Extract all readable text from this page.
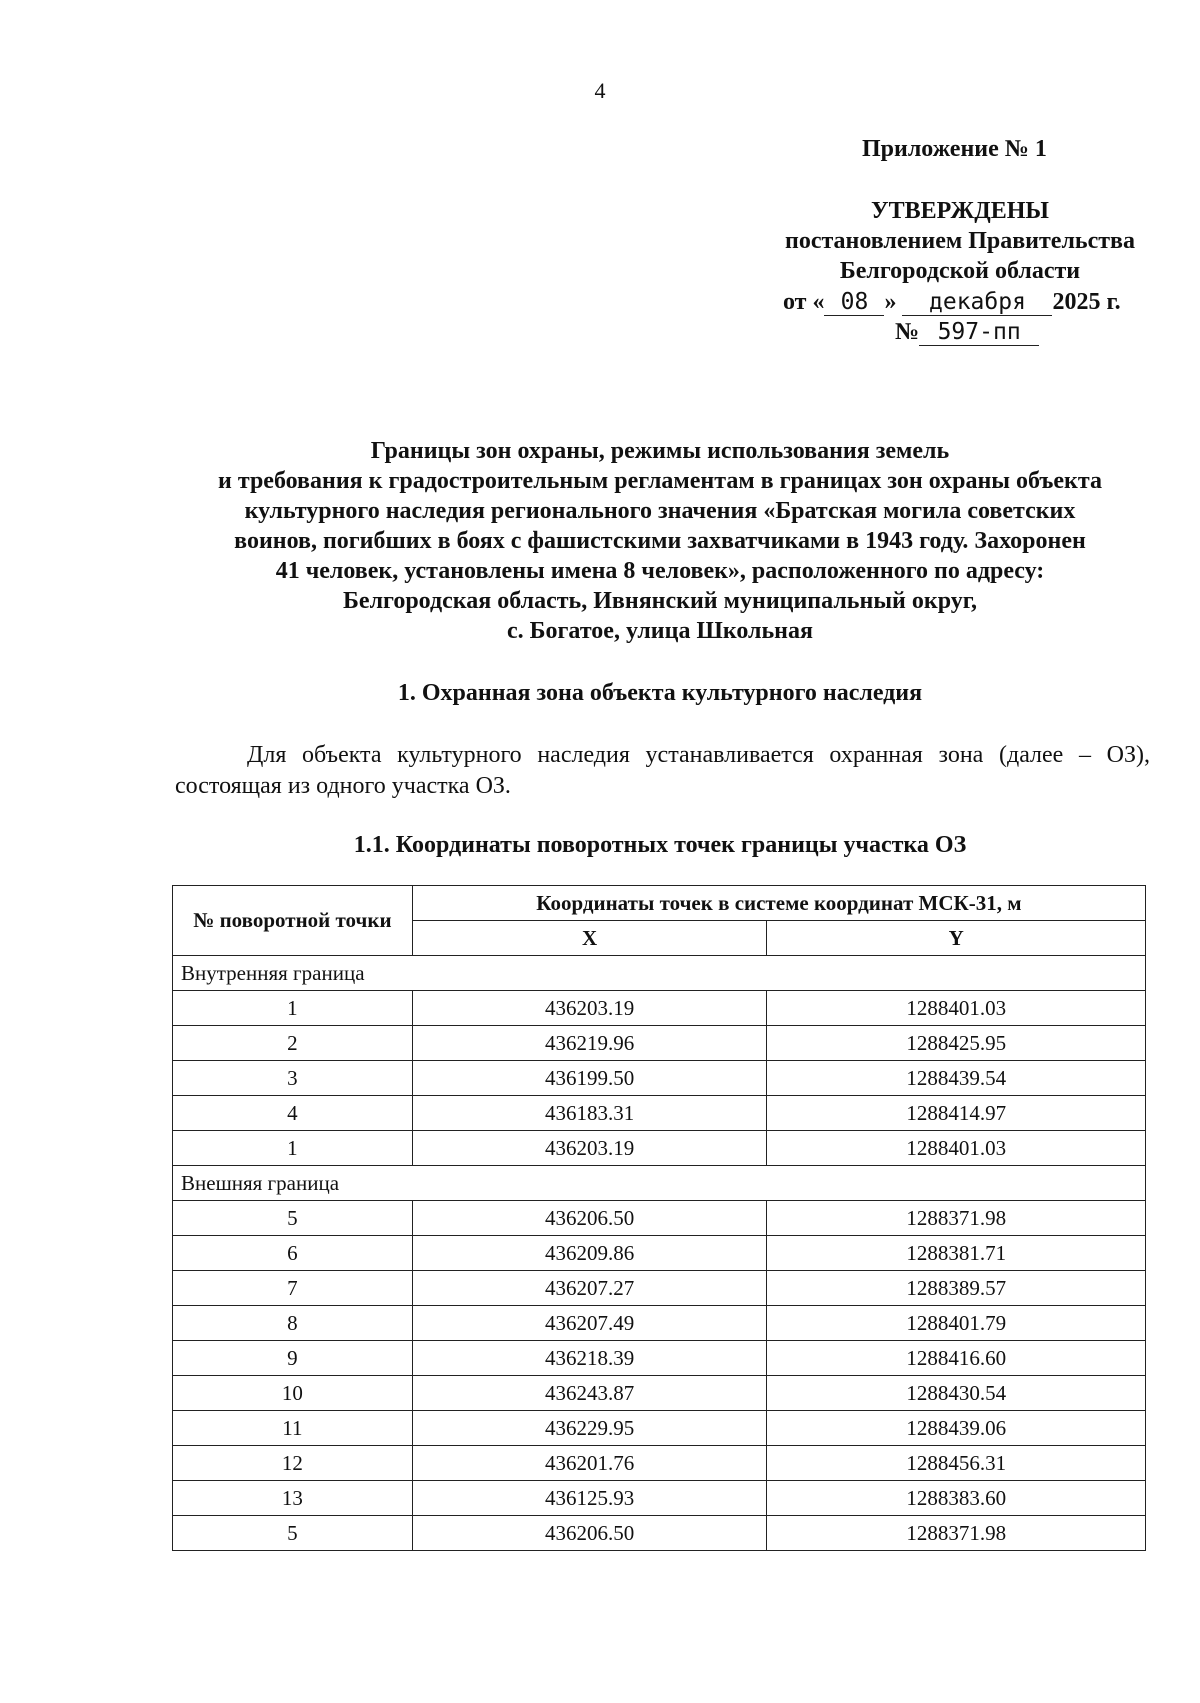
4
Приложение № 1
УТВЕРЖДЕНЫ
постановлением Правительства
Белгородской области
от « 08 » декабря 2025 г.
№ 597-пп
Границы зон охраны, режимы использования земель
и требования к градостроительным регламентам в границах зон охраны объекта
культурного наследия регионального значения «Братская могила советских
воинов, погибших в боях с фашистскими захватчиками в 1943 году. Захоронен
41 человек, установлены имена 8 человек», расположенного по адресу:
Белгородская область, Ивнянский муниципальный округ,
с. Богатое, улица Школьная
1. Охранная зона объекта культурного наследия
Для объекта культурного наследия устанавливается охранная зона (далее – ОЗ), состоящая из одного участка ОЗ.
1.1. Координаты поворотных точек границы участка ОЗ
№ поворотной точки	Координаты точек в системе координат МСК-31, м	
	X	Y
Внутренняя граница		
1	436203.19	1288401.03
2	436219.96	1288425.95
3	436199.50	1288439.54
4	436183.31	1288414.97
1	436203.19	1288401.03
Внешняя граница		
5	436206.50	1288371.98
6	436209.86	1288381.71
7	436207.27	1288389.57
8	436207.49	1288401.79
9	436218.39	1288416.60
10	436243.87	1288430.54
11	436229.95	1288439.06
12	436201.76	1288456.31
13	436125.93	1288383.60
5	436206.50	1288371.98
